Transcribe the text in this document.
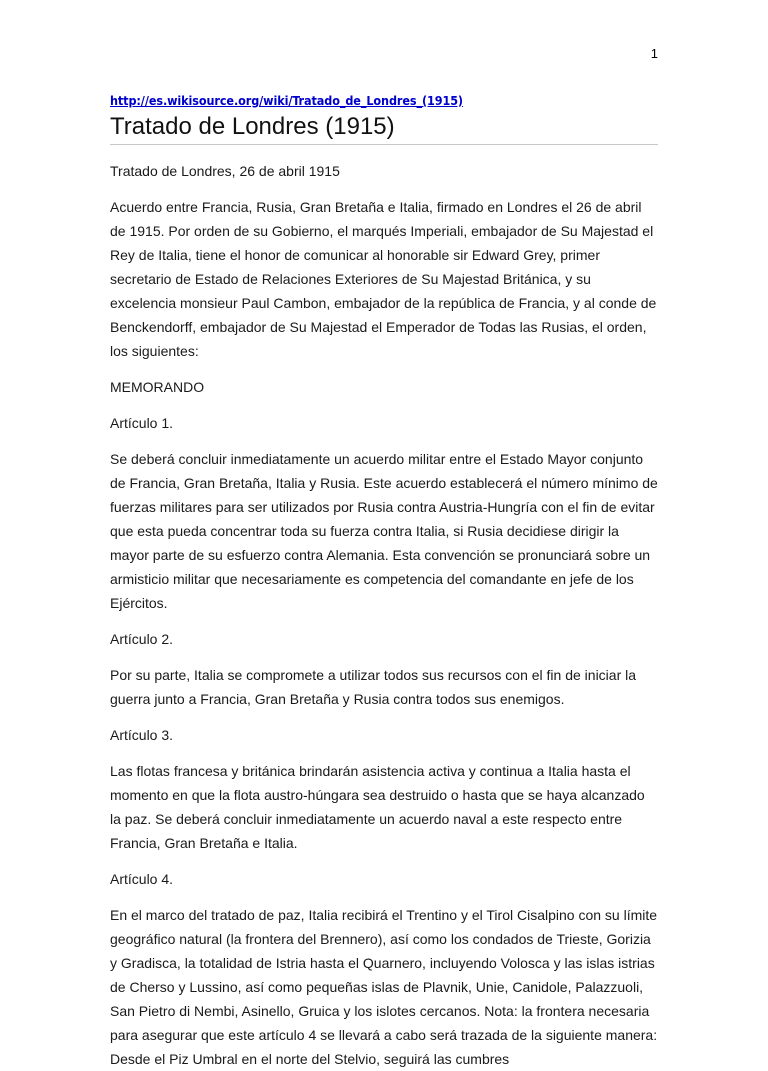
1
http://es.wikisource.org/wiki/Tratado_de_Londres_(1915)
Tratado de Londres (1915)

Tratado de Londres, 26 de abril 1915

Acuerdo entre Francia, Rusia, Gran Bretaña e Italia, firmado en Londres el 26 de abril de 1915. Por orden de su Gobierno, el marqués Imperiali, embajador de Su Majestad el Rey de Italia, tiene el honor de comunicar al honorable sir Edward Grey, primer secretario de Estado de Relaciones Exteriores de Su Majestad Británica, y su excelencia monsieur Paul Cambon, embajador de la república de Francia, y al conde de Benckendorff, embajador de Su Majestad el Emperador de Todas las Rusias, el orden, los siguientes:

MEMORANDO

Artículo 1.

Se deberá concluir inmediatamente un acuerdo militar entre el Estado Mayor conjunto de Francia, Gran Bretaña, Italia y Rusia. Este acuerdo establecerá el número mínimo de fuerzas militares para ser utilizados por Rusia contra Austria-Hungría con el fin de evitar que esta pueda concentrar toda su fuerza contra Italia, si Rusia decidiese dirigir la mayor parte de su esfuerzo contra Alemania. Esta convención se pronunciará sobre un armisticio militar que necesariamente es competencia del comandante en jefe de los Ejércitos.

Artículo 2.

Por su parte, Italia se compromete a utilizar todos sus recursos con el fin de iniciar la guerra junto a Francia, Gran Bretaña y Rusia contra todos sus enemigos.

Artículo 3.

Las flotas francesa y británica brindarán asistencia activa y continua a Italia hasta el momento en que la flota austro-húngara sea destruido o hasta que se haya alcanzado la paz. Se deberá concluir inmediatamente un acuerdo naval a este respecto entre Francia, Gran Bretaña e Italia.

Artículo 4.

En el marco del tratado de paz, Italia recibirá el Trentino y el Tirol Cisalpino con su límite geográfico natural (la frontera del Brennero), así como los condados de Trieste, Gorizia y Gradisca, la totalidad de Istria hasta el Quarnero, incluyendo Volosca y las islas istrias de Cherso y Lussino, así como pequeñas islas de Plavnik, Unie, Canidole, Palazzuoli, San Pietro di Nembi, Asinello, Gruica y los islotes cercanos. Nota: la frontera necesaria para asegurar que este artículo 4 se llevará a cabo será trazada de la siguiente manera: Desde el Piz Umbral en el norte del Stelvio, seguirá las cumbres
